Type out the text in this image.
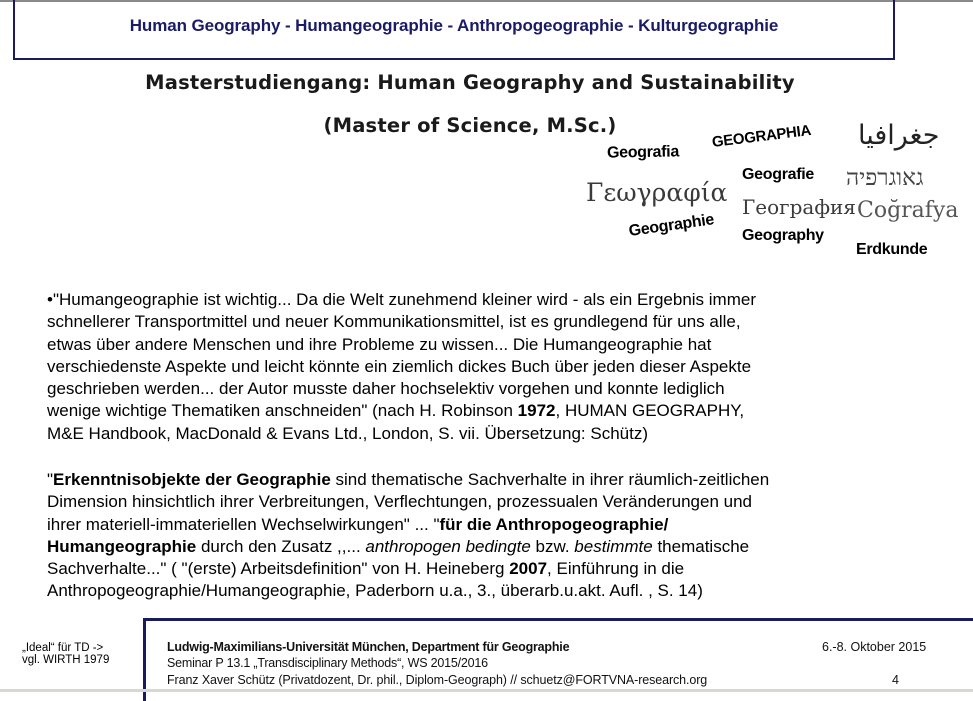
Human Geography - Humangeographie - Anthropogeographie - Kulturgeographie
Masterstudiengang: Human Geography and Sustainability
(Master of Science, M.Sc.)
Geografia
GEOGRAPHIA جغرافيا
Γεωγραφία
Geografie גאוגרפיה
География Coğrafya
Geographie Geography
Erdkunde
•"Humangeographie ist wichtig... Da die Welt zunehmend kleiner wird - als ein Ergebnis immer
schnellerer Transportmittel und neuer Kommunikationsmittel, ist es grundlegend für uns alle,
etwas über andere Menschen und ihre Probleme zu wissen... Die Humangeographie hat
verschiedenste Aspekte und leicht könnte ein ziemlich dickes Buch über jeden dieser Aspekte
geschrieben werden... der Autor musste daher hochselektiv vorgehen und konnte lediglich
wenige wichtige Thematiken anschneiden" (nach H. Robinson 1972, HUMAN GEOGRAPHY,
M&E Handbook, MacDonald & Evans Ltd., London, S. vii. Übersetzung: Schütz)
"Erkenntnisobjekte der Geographie sind thematische Sachverhalte in ihrer räumlich-zeitlichen
Dimension hinsichtlich ihrer Verbreitungen, Verflechtungen, prozessualen Veränderungen und
ihrer materiell-immateriellen Wechselwirkungen" ... "für die Anthropogeographie/
Humangeographie durch den Zusatz ,,... anthropogen bedingte bzw. bestimmte thematische
Sachverhalte..." ( "(erste) Arbeitsdefinition" von H. Heineberg 2007, Einführung in die
Anthropogeographie/Humangeographie, Paderborn u.a., 3., überarb.u.akt. Aufl. , S. 14)
„Ideal“ für TD ->
vgl. WIRTH 1979
Ludwig-Maximilians-Universität München, Department für Geographie
Seminar P 13.1 „Transdisciplinary Methods“, WS 2015/2016
Franz Xaver Schütz (Privatdozent, Dr. phil., Diplom-Geograph) // schuetz@FORTVNA-research.org
6.-8. Oktober 2015
4
